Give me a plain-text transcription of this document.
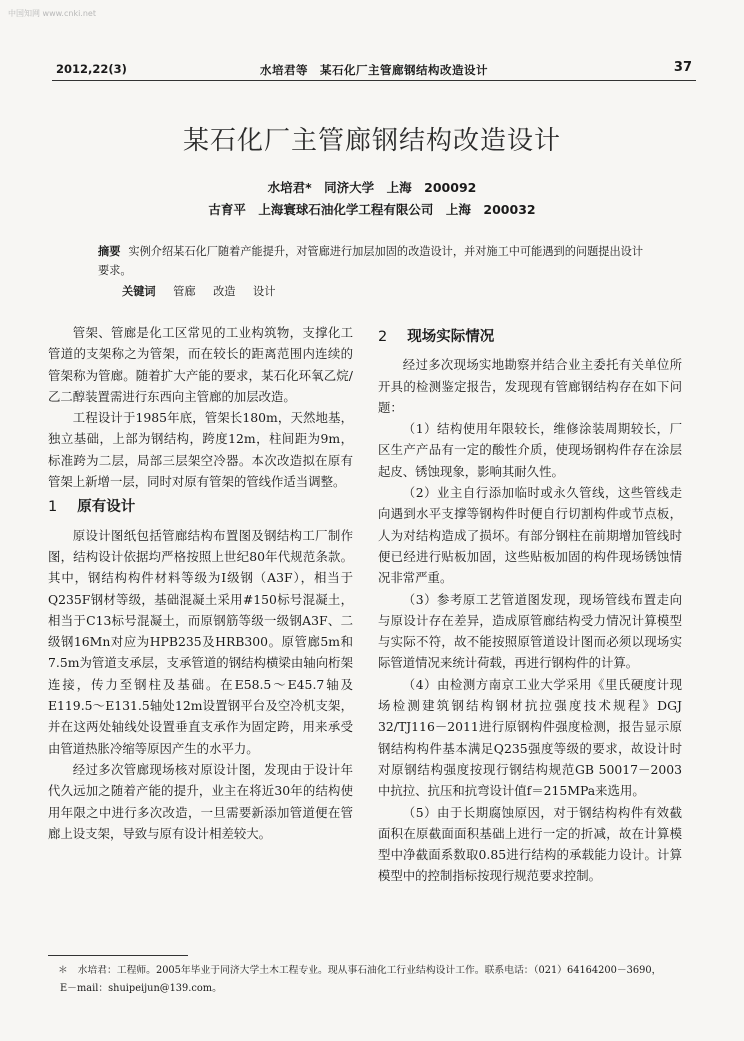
中国知网 www.cnki.net
2012,22(3)	水培君等　某石化厂主管廊钢结构改造设计	37
某石化厂主管廊钢结构改造设计
水培君*　同济大学　上海　200092
古育平　上海寰球石油化学工程有限公司　上海　200032
摘要 实例介绍某石化厂随着产能提升，对管廊进行加层加固的改造设计，并对施工中可能遇到的问题提出设计要求。
关键词 管廊 改造 设计

管架、管廊是化工区常见的工业构筑物，支撑化工管道的支架称之为管架，而在较长的距离范围内连续的管架称为管廊。随着扩大产能的要求，某石化环氧乙烷/乙二醇装置需进行东西向主管廊的加层改造。

工程设计于1985年底，管架长180m，天然地基，独立基础，上部为钢结构，跨度12m，柱间距为9m，标准跨为二层，局部三层架空冷器。本次改造拟在原有管架上新增一层，同时对原有管架的管线作适当调整。

1 原有设计

原设计图纸包括管廊结构布置图及钢结构工厂制作图，结构设计依据均严格按照上世纪80年代规范条款。其中，钢结构构件材料等级为Ⅰ级钢（A3F），相当于Q235F钢材等级，基础混凝土采用#150标号混凝土，相当于C13标号混凝土，而原钢筋等级一级钢A3F、二级钢16Mn对应为HPB235及HRB300。原管廊5m和7.5m为管道支承层，支承管道的钢结构横梁由轴向桁架连接，传力至钢柱及基础。在E58.5～E45.7轴及E119.5～E131.5轴处12m设置钢平台及空冷机支架，并在这两处轴线处设置垂直支承作为固定跨，用来承受由管道热胀冷缩等原因产生的水平力。

经过多次管廊现场核对原设计图，发现由于设计年代久远加之随着产能的提升，业主在将近30年的结构使用年限之中进行多次改造，一旦需要新添加管道便在管廊上设支架，导致与原有设计相差较大。

2 现场实际情况

经过多次现场实地勘察并结合业主委托有关单位所开具的检测鉴定报告，发现现有管廊钢结构存在如下问题：

（1）结构使用年限较长，维修涂装周期较长，厂区生产产品有一定的酸性介质，使现场钢构件存在涂层起皮、锈蚀现象，影响其耐久性。

（2）业主自行添加临时或永久管线，这些管线走向遇到水平支撑等钢构件时便自行切割构件或节点板，人为对结构造成了损坏。有部分钢柱在前期增加管线时便已经进行贴板加固，这些贴板加固的构件现场锈蚀情况非常严重。

（3）参考原工艺管道图发现，现场管线布置走向与原设计存在差异，造成原管廊结构受力情况计算模型与实际不符，故不能按照原管道设计图而必须以现场实际管道情况来统计荷载，再进行钢构件的计算。

（4）由检测方南京工业大学采用《里氏硬度计现场检测建筑钢结构钢材抗拉强度技术规程》DGJ 32/TJ116－2011进行原钢构件强度检测，报告显示原钢结构构件基本满足Q235强度等级的要求，故设计时对原钢结构强度按现行钢结构规范GB 50017－2003中抗拉、抗压和抗弯设计值f＝215MPa来选用。

（5）由于长期腐蚀原因，对于钢结构构件有效截面积在原截面面积基础上进行一定的折减，故在计算模型中净截面系数取0.85进行结构的承载能力设计。计算模型中的控制指标按现行规范要求控制。

＊　水培君：工程师。2005年毕业于同济大学土木工程专业。现从事石油化工行业结构设计工作。联系电话：（021）64164200－3690，
E－mail：shuipeijun@139.com。
